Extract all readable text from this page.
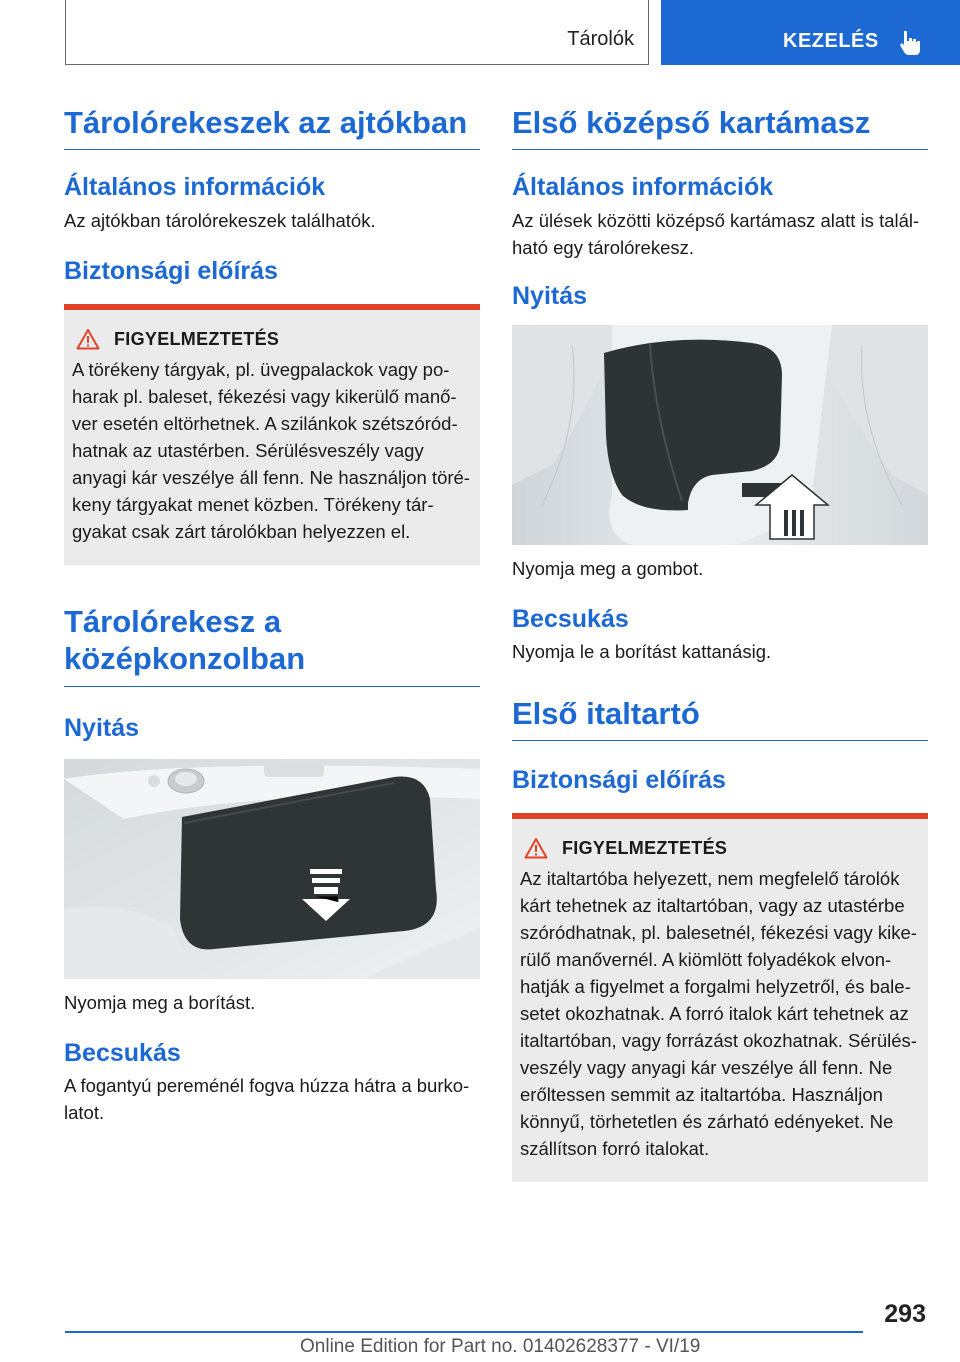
Tárolók	KEZELÉS
Tárolórekeszek az ajtókban
Általános információk

Az ajtókban tárolórekeszek találhatók.

Biztonsági előírás
FIGYELMEZTETÉS

A törékeny tárgyak, pl. üvegpalackok vagy po-

harak pl. baleset, fékezési vagy kikerülő manő-

ver esetén eltörhetnek. A szilánkok szétszóród-

hatnak az utastérben. Sérülésveszély vagy

anyagi kár veszélye áll fenn. Ne használjon töré-

keny tárgyakat menet közben. Törékeny tár-

gyakat csak zárt tárolókban helyezzen el.

Tárolórekesz a középkonzolban
Nyitás

Nyomja meg a borítást.

Becsukás

A fogantyú pereménél fogva húzza hátra a burko-

latot.

Első középső kartámasz
Általános információk

Az ülések közötti középső kartámasz alatt is talál-

ható egy tárolórekesz.

Nyitás

Nyomja meg a gombot.

Becsukás

Nyomja le a borítást kattanásig.

Első italtartó
Biztonsági előírás
FIGYELMEZTETÉS

Az italtartóba helyezett, nem megfelelő tárolók

kárt tehetnek az italtartóban, vagy az utastérbe

szóródhatnak, pl. balesetnél, fékezési vagy kike-

rülő manővernél. A kiömlött folyadékok elvon-

hatják a figyelmet a forgalmi helyzetről, és bale-

setet okozhatnak. A forró italok kárt tehetnek az

italtartóban, vagy forrázást okozhatnak. Sérülés-

veszély vagy anyagi kár veszélye áll fenn. Ne

erőltessen semmit az italtartóba. Használjon

könnyű, törhetetlen és zárható edényeket. Ne

szállítson forró italokat.

293
Online Edition for Part no. 01402628377 - VI/19
